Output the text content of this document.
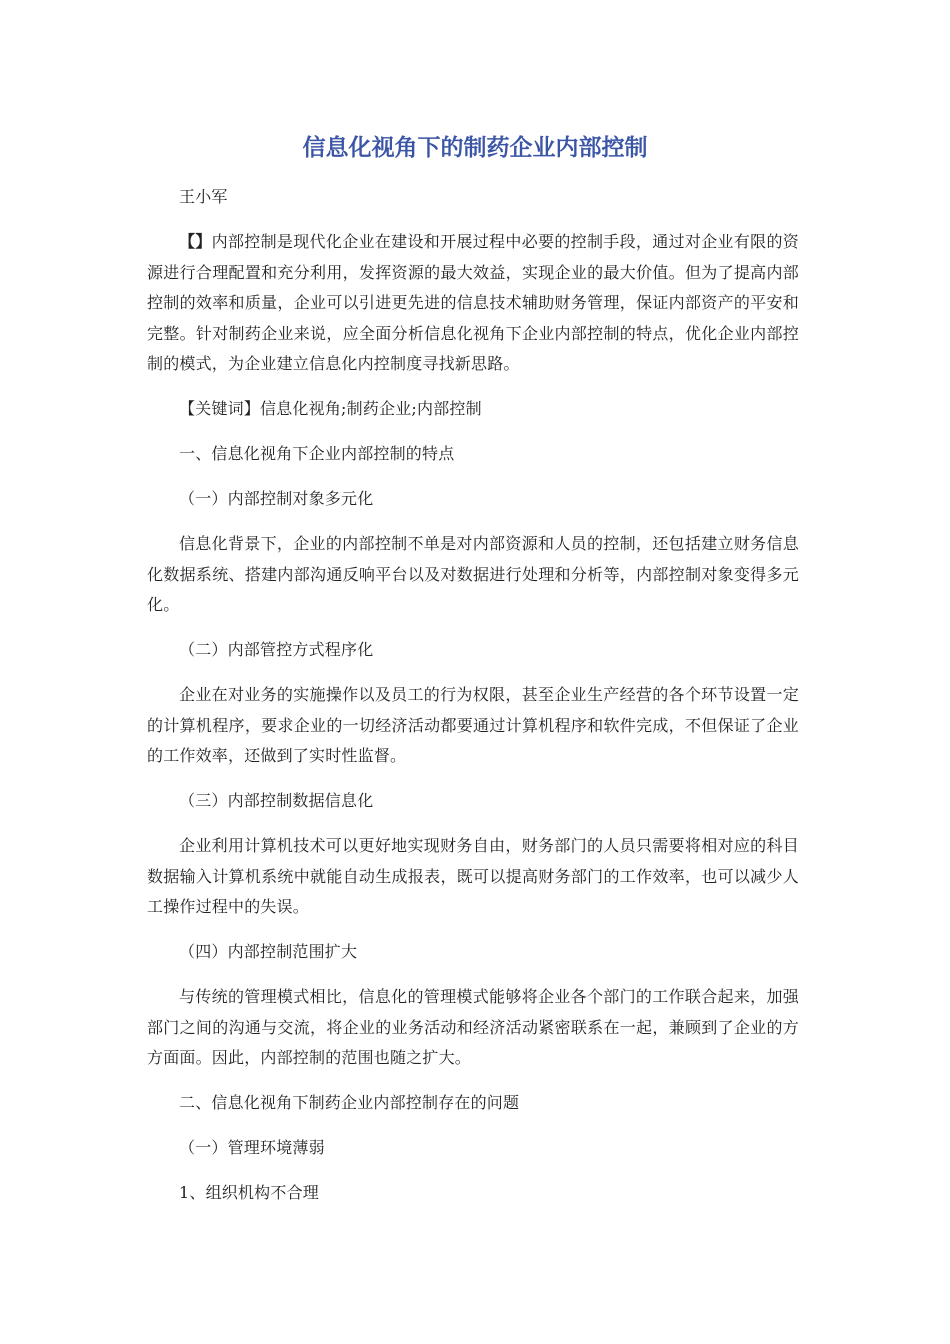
信息化视角下的制药企业内部控制

王小军

【】内部控制是现代化企业在建设和开展过程中必要的控制手段，通过对企业有限的资源进行合理配置和充分利用，发挥资源的最大效益，实现企业的最大价值。但为了提高内部控制的效率和质量，企业可以引进更先进的信息技术辅助财务管理，保证内部资产的平安和完整。针对制药企业来说，应全面分析信息化视角下企业内部控制的特点，优化企业内部控制的模式，为企业建立信息化内控制度寻找新思路。

【关键词】信息化视角;制药企业;内部控制

一、信息化视角下企业内部控制的特点

（一）内部控制对象多元化

信息化背景下，企业的内部控制不单是对内部资源和人员的控制，还包括建立财务信息化数据系统、搭建内部沟通反响平台以及对数据进行处理和分析等，内部控制对象变得多元化。

（二）内部管控方式程序化

企业在对业务的实施操作以及员工的行为权限，甚至企业生产经营的各个环节设置一定的计算机程序，要求企业的一切经济活动都要通过计算机程序和软件完成，不但保证了企业的工作效率，还做到了实时性监督。

（三）内部控制数据信息化

企业利用计算机技术可以更好地实现财务自由，财务部门的人员只需要将相对应的科目数据输入计算机系统中就能自动生成报表，既可以提高财务部门的工作效率，也可以减少人工操作过程中的失误。

（四）内部控制范围扩大

与传统的管理模式相比，信息化的管理模式能够将企业各个部门的工作联合起来，加强部门之间的沟通与交流，将企业的业务活动和经济活动紧密联系在一起，兼顾到了企业的方方面面。因此，内部控制的范围也随之扩大。

二、信息化视角下制药企业内部控制存在的问题

（一）管理环境薄弱

1、组织机构不合理
